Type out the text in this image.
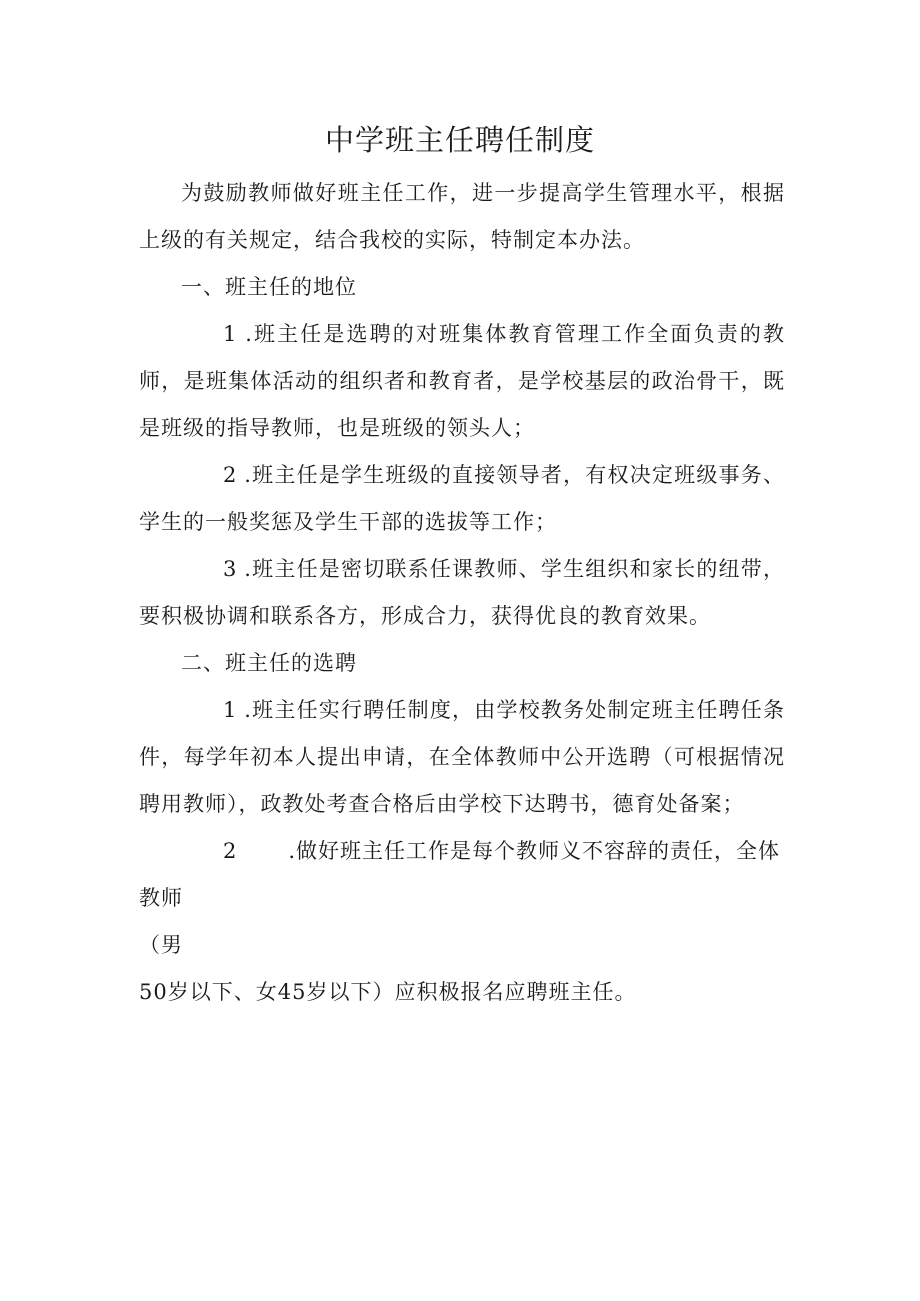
中学班主任聘任制度

为鼓励教师做好班主任工作，进一步提高学生管理水平，根据上级的有关规定，结合我校的实际，特制定本办法。

一、班主任的地位

1 .班主任是选聘的对班集体教育管理工作全面负责的教师，是班集体活动的组织者和教育者，是学校基层的政治骨干，既是班级的指导教师，也是班级的领头人；

2 .班主任是学生班级的直接领导者，有权决定班级事务、学生的一般奖惩及学生干部的选拔等工作；

3 .班主任是密切联系任课教师、学生组织和家长的纽带，要积极协调和联系各方，形成合力，获得优良的教育效果。

二、班主任的选聘

1 .班主任实行聘任制度，由学校教务处制定班主任聘任条件，每学年初本人提出申请，在全体教师中公开选聘（可根据情况聘用教师），政教处考查合格后由学校下达聘书，德育处备案；

2 .做好班主任工作是每个教师义不容辞的责任，全体教师

（男

50岁以下、女45岁以下）应积极报名应聘班主任。
